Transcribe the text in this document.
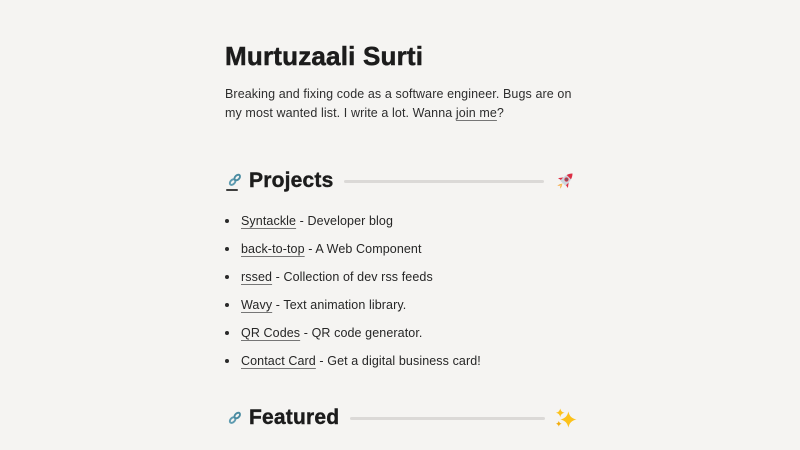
Murtuzaali Surti

Breaking and fixing code as a software engineer. Bugs are on
my most wanted list. I write a lot. Wanna join me?

Projects
Syntackle - Developer blog
back-to-top - A Web Component
rssed - Collection of dev rss feeds
Wavy - Text animation library.
QR Codes - QR code generator.
Contact Card - Get a digital business card!
Featured
